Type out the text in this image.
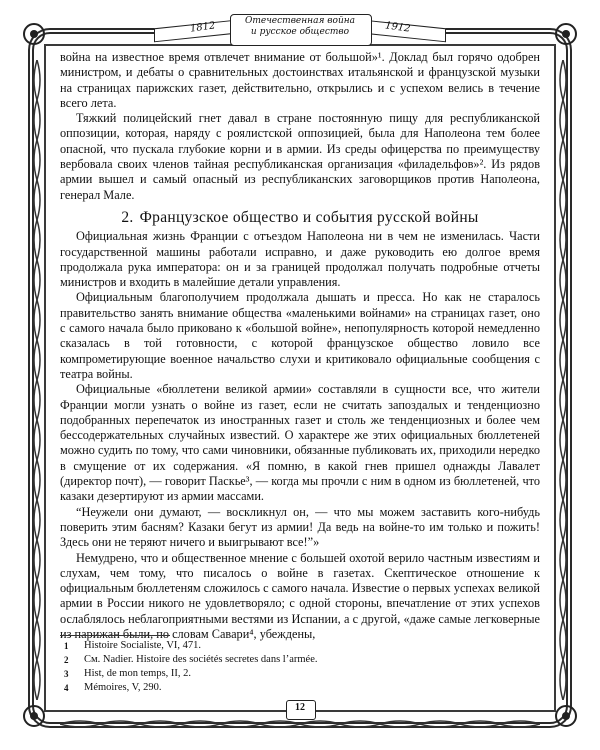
1812	1912
Отечественная война
и русское общество

война на известное время отвлечет внимание от большой»¹. Доклад был горячо одобрен министром, и дебаты о сравнительных достоинствах итальянской и французской музыки на страницах парижских газет, действительно, открылись и с успехом велись в течение всего лета.

Тяжкий полицейский гнет давал в стране постоянную пищу для республиканской оппозиции, которая, наряду с роялистской оппозицией, была для Наполеона тем более опасной, что пускала глубокие корни и в армии. Из среды офицерства по преимуществу вербовала своих членов тайная республиканская организация «филадельфов»². Из рядов армии вышел и самый опасный из республиканских заговорщиков против Наполеона, генерал Мале.

2. Французское общество и события русской войны

Официальная жизнь Франции с отъездом Наполеона ни в чем не изменилась. Части государственной машины работали исправно, и даже руководить ею долгое время продолжала рука императора: он и за границей продолжал получать подробные отчеты министров и входить в малейшие детали управления.

Официальным благополучием продолжала дышать и пресса. Но как не старалось правительство занять внимание общества «маленькими войнами» на страницах газет, оно с самого начала было приковано к «большой войне», непопулярность которой немедленно сказалась в той готовности, с которой французское общество ловило все компрометирующие военное начальство слухи и критиковало официальные сообщения с театра войны.

Официальные «бюллетени великой армии» составляли в сущности все, что жители Франции могли узнать о войне из газет, если не считать запоздалых и тенденциозно подобранных перепечаток из иностранных газет и столь же тенденциозных и более чем бессодержательных случайных известий. О характере же этих официальных бюллетеней можно судить по тому, что сами чиновники, обязанные публиковать их, приходили нередко в смущение от их содержания. «Я помню, в какой гнев пришел однажды Лавалет (директор почт), — говорит Паскье³, — когда мы прочли с ним в одном из бюллетеней, что казаки дезертируют из армии массами.

“Неужели они думают, — воскликнул он, — что мы можем заставить кого-нибудь поверить этим басням? Казаки бегут из армии! Да ведь на войне-то им только и пожить! Здесь они не теряют ничего и выигрывают все!”»

Немудрено, что и общественное мнение с большей охотой верило частным известиям и слухам, чем тому, что писалось о войне в газетах. Скептическое отношение к официальным бюллетеням сложилось с самого начала. Известие о первых успехах великой армии в России никого не удовлетворяло; с одной стороны, впечатление от этих успехов ослаблялось неблагоприятными вестями из Испании, а с другой, «даже самые легковерные из парижан были, по словам Савари⁴, убеждены,

1	Histoire Socialiste, VI, 471.
2	См. Nadier. Histoire des sociétés secretes dans l’armée.
3	Hist, de mon temps, II, 2.
4	Mémoires, V, 290.
12
